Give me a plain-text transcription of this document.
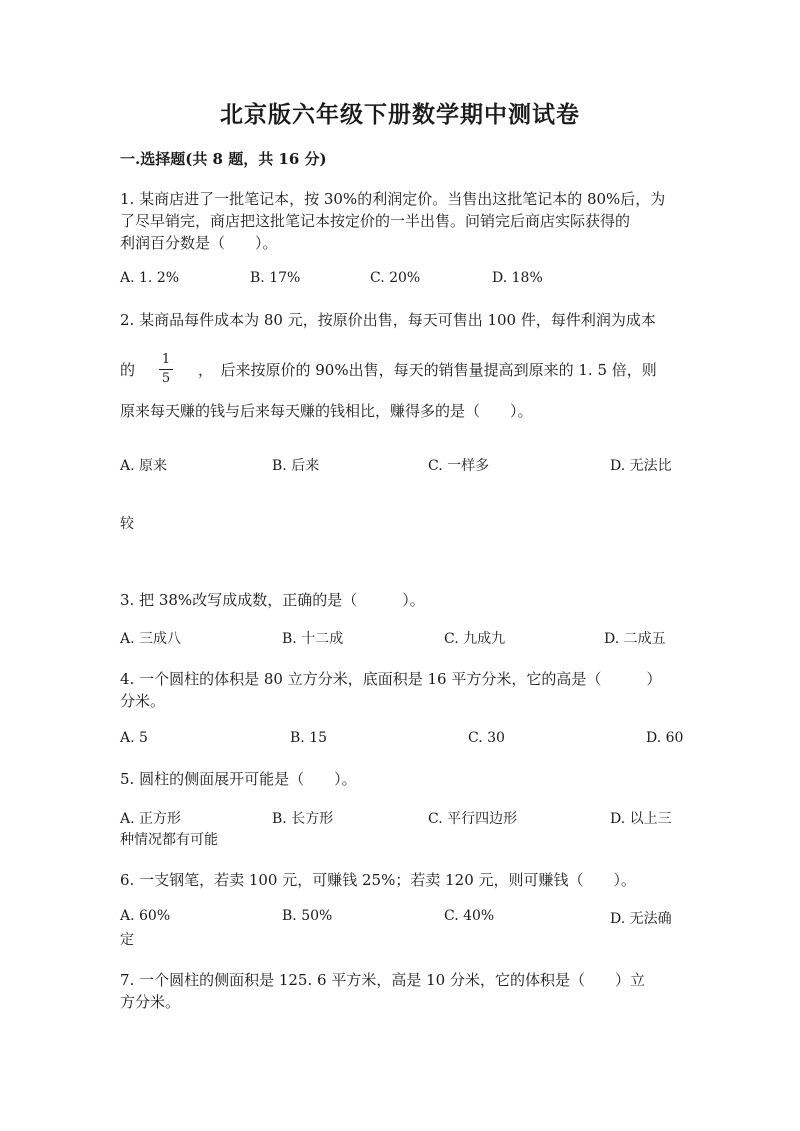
北京版六年级下册数学期中测试卷
一.选择题(共 8 题，共 16 分)
1. 某商店进了一批笔记本，按 30%的利润定价。当售出这批笔记本的 80%后，为
了尽早销完，商店把这批笔记本按定价的一半出售。问销完后商店实际获得的
利润百分数是（　　）。
A. 1. 2%	B. 17%	C. 20%	D. 18%
2. 某商品每件成本为 80 元，按原价出售，每天可售出 100 件，每件利润为成本
的
1
5 ，　后来按原价的 90%出售，每天的销售量提高到原来的 1. 5 倍，则
原来每天赚的钱与后来每天赚的钱相比，赚得多的是（　　）。
A. 原来	B. 后来	C. 一样多	D. 无法比
较
3. 把 38%改写成成数，正确的是（　　　）。
A. 三成八	B. 十二成	C. 九成九	D. 二成五
4. 一个圆柱的体积是 80 立方分米，底面积是 16 平方分米，它的高是（　　　）
分米。
A. 5	B. 15	C. 30	D. 60
5. 圆柱的侧面展开可能是（　　）。
A. 正方形	B. 长方形	C. 平行四边形	D. 以上三
种情况都有可能
6. 一支钢笔，若卖 100 元，可赚钱 25%；若卖 120 元，则可赚钱（　　）。
A. 60%	B. 50%	C. 40%	D. 无法确
定
7. 一个圆柱的侧面积是 125. 6 平方米，高是 10 分米，它的体积是（　　）立
方分米。
